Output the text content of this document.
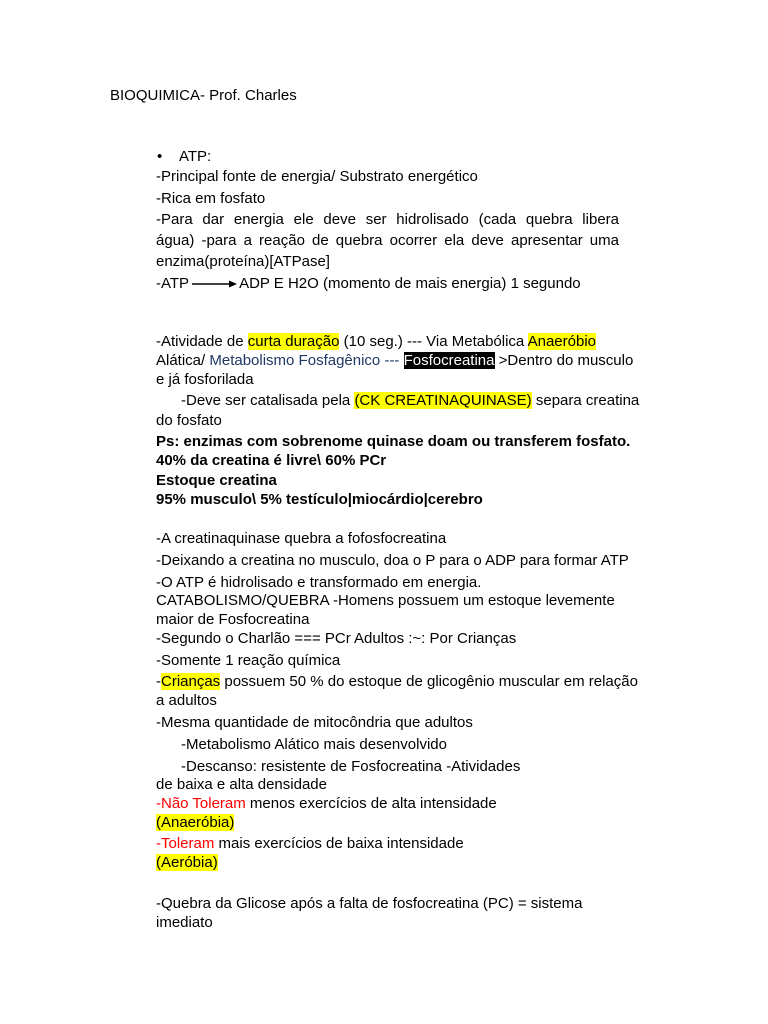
BIOQUIMICA- Prof. Charles
• ATP:
-Principal fonte de energia/ Substrato energético
-Rica em fosfato
-Para dar energia ele deve ser hidrolisado (cada quebra libera
água) -para a reação de quebra ocorrer ela deve apresentar uma
enzima(proteína)[ATPase]
-ATP	ADP E H2O (momento de mais energia) 1 segundo
-Atividade de curta duração (10 seg.) --- Via Metabólica Anaeróbio
Alática/ Metabolismo Fosfagênico --- Fosfocreatina >Dentro do musculo
e já fosforilada
-Deve ser catalisada pela (CK CREATINAQUINASE) separa creatina
do fosfato
Ps: enzimas com sobrenome quinase doam ou transferem fosfato.
40% da creatina é livre\ 60% PCr
Estoque creatina
95% musculo\ 5% testículo|miocárdio|cerebro
-A creatinaquinase quebra a fofosfocreatina
-Deixando a creatina no musculo, doa o P para o ADP para formar ATP
-O ATP é hidrolisado e transformado em energia.
CATABOLISMO/QUEBRA -Homens possuem um estoque levemente
maior de Fosfocreatina
-Segundo o Charlão === PCr Adultos :~: Por Crianças
-Somente 1 reação química
-Crianças possuem 50 % do estoque de glicogênio muscular em relação
a adultos
-Mesma quantidade de mitocôndria que adultos
-Metabolismo Alático mais desenvolvido
-Descanso: resistente de Fosfocreatina -Atividades
de baixa e alta densidade
-Não Toleram menos exercícios de alta intensidade
(Anaeróbia)
-Toleram mais exercícios de baixa intensidade
(Aeróbia)
-Quebra da Glicose após a falta de fosfocreatina (PC) = sistema
imediato
